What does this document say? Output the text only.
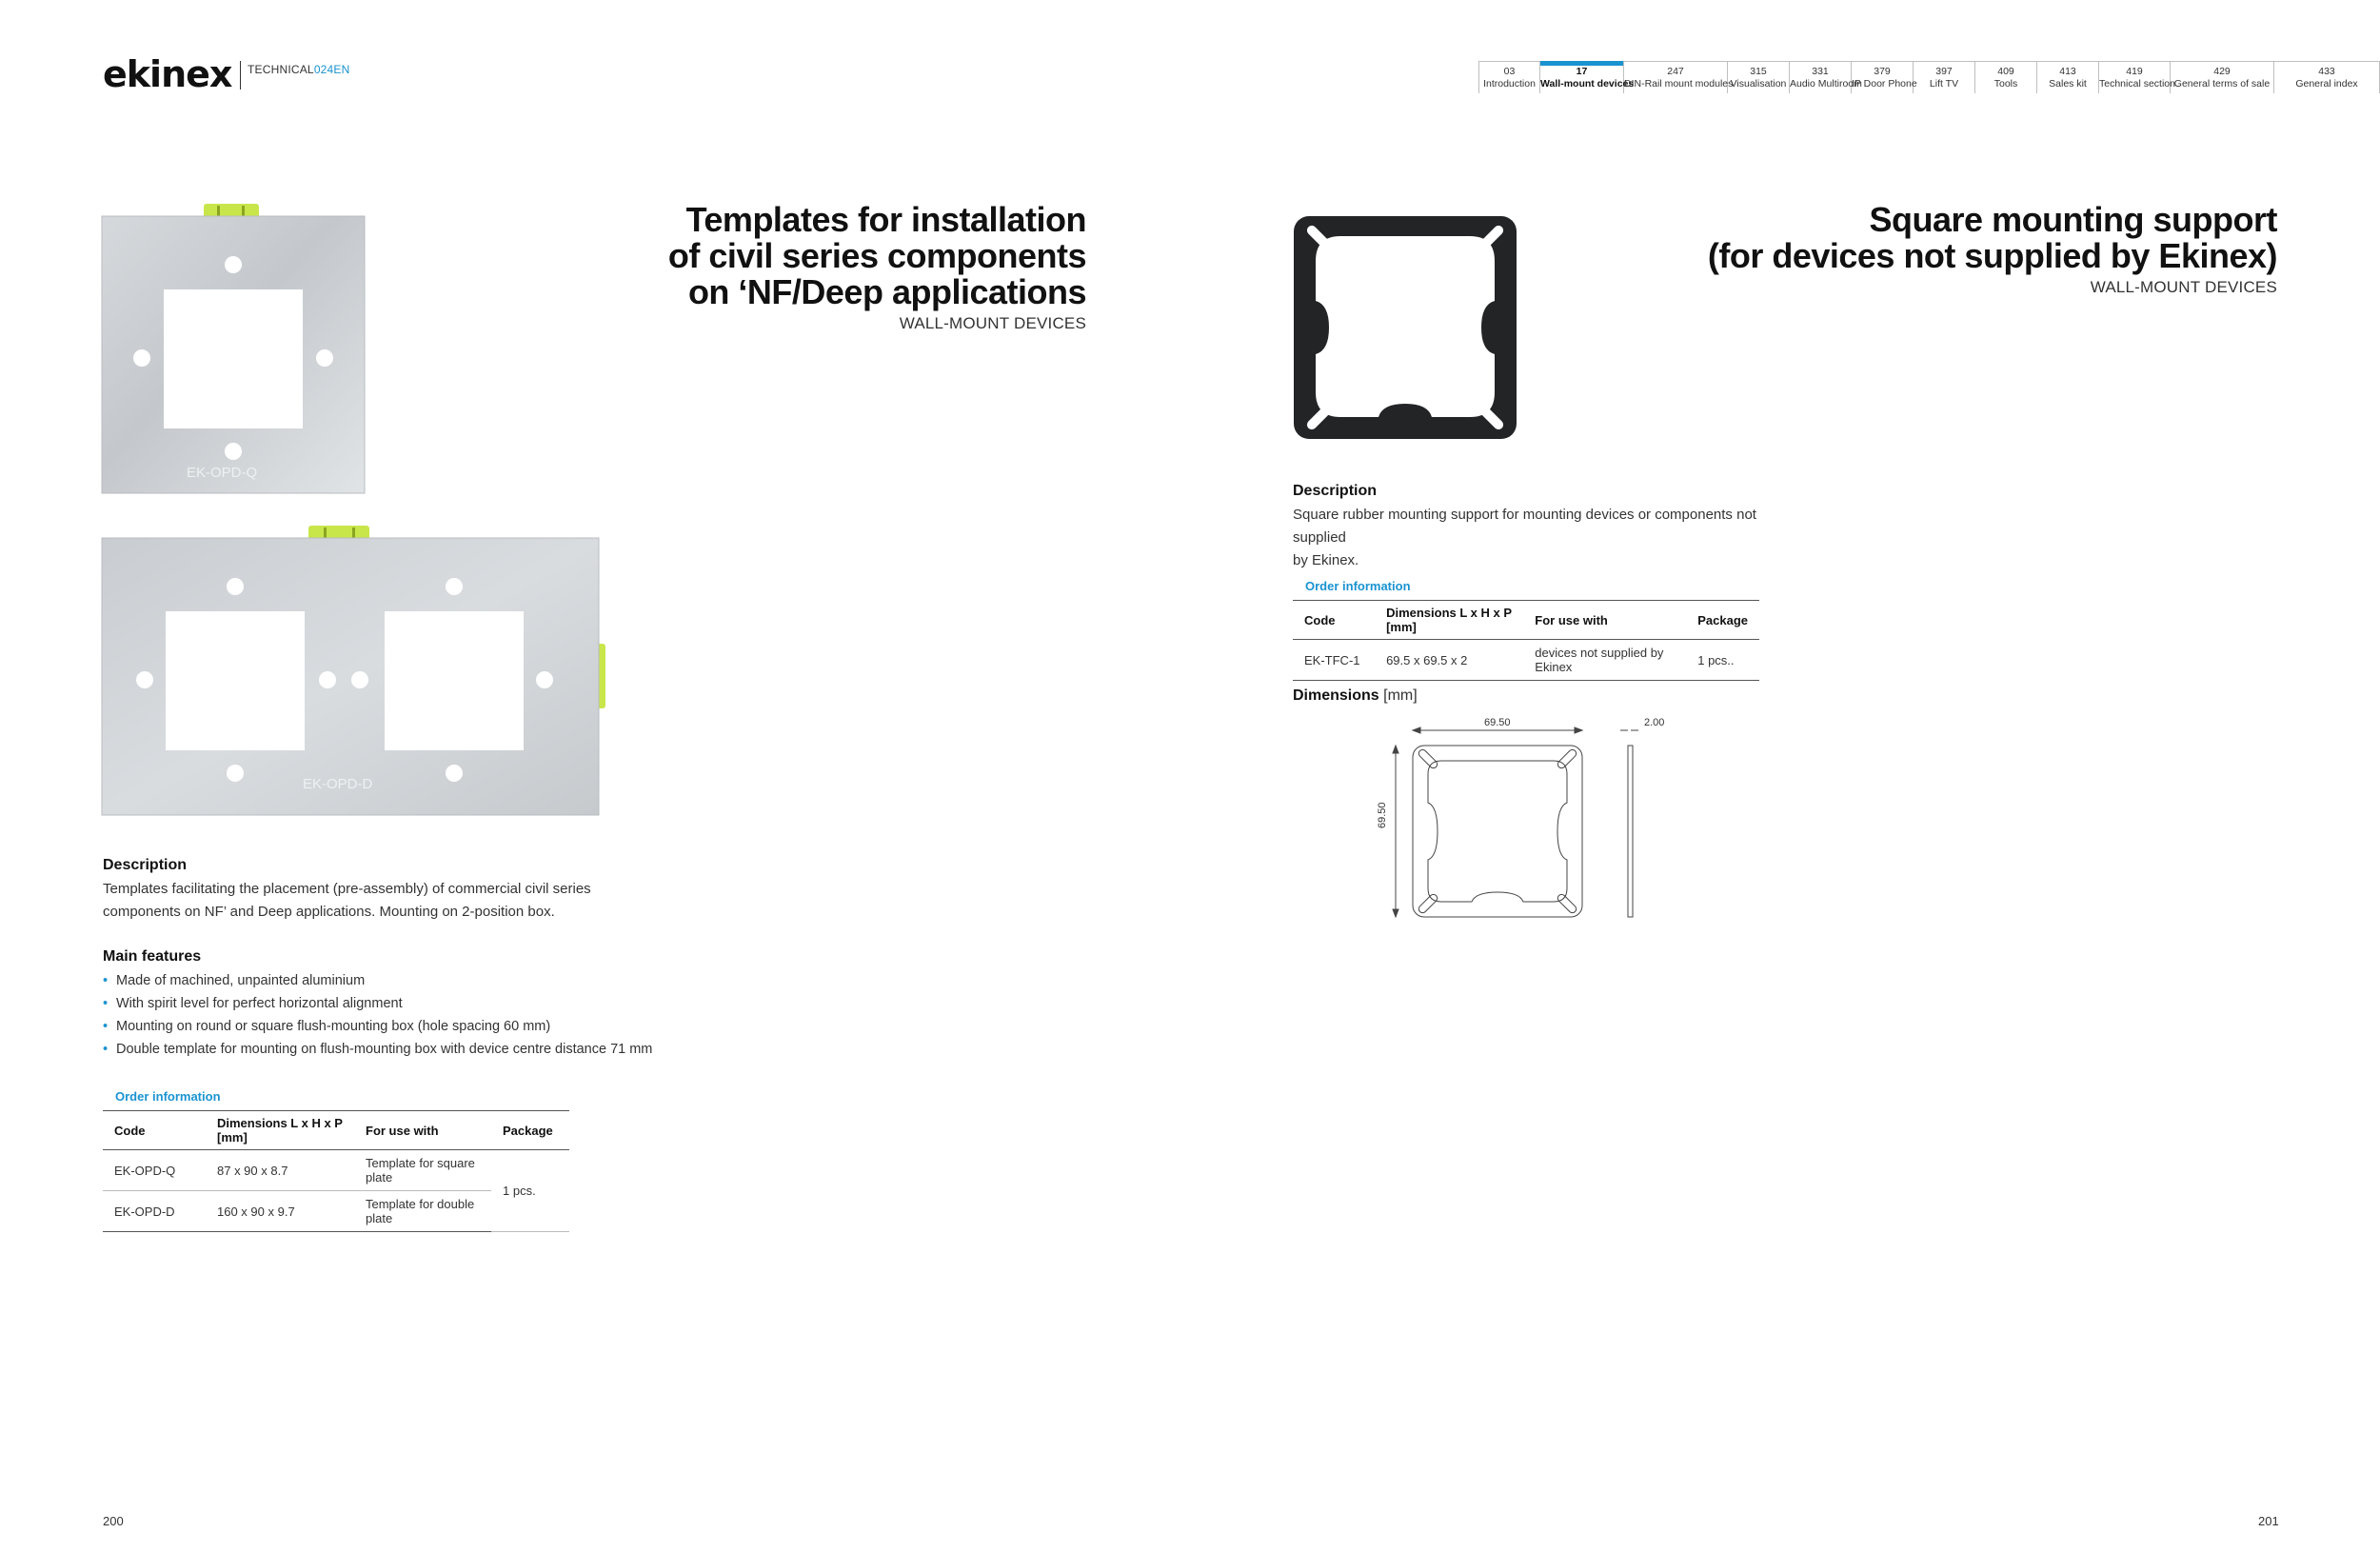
ekinex TECHNICAL024EN	03
Introduction
17
Wall-mount devices
247
DIN-Rail mount modules
315
Visualisation
331
Audio Multiroom
379
IP Door Phone
397
Lift TV
409
Tools
413
Sales kit
419
Technical section
429
General terms of sale
433
General index
Templates for installation
of civil series components
on ‘NF/Deep applications
WALL-MOUNT DEVICES
EK-OPD-Q
EK-OPD-D
Description
Templates facilitating the placement (pre-assembly) of commercial civil series
components on NF’ and Deep applications. Mounting on 2-position box.
Main features
• Made of machined, unpainted aluminium
• With spirit level for perfect horizontal alignment
• Mounting on round or square flush-mounting box (hole spacing 60 mm)
• Double template for mounting on flush-mounting box with device centre distance 71 mm
Order information
Code	Dimensions L x H x P [mm]	For use with	Package
EK-OPD-Q	87 x 90 x 8.7	Template for square plate	1 pcs.
EK-OPD-D	160 x 90 x 9.7	Template for double plate	
200
Square mounting support
(for devices not supplied by Ekinex)
WALL-MOUNT DEVICES
Description
Square rubber mounting support for mounting devices or components not supplied
by Ekinex.
Order information
Code	Dimensions L x H x P [mm]	For use with	Package
EK-TFC-1	69.5 x 69.5 x 2	devices not supplied by Ekinex	1 pcs..
Dimensions [mm]
69.50
69.50
2.00
201
